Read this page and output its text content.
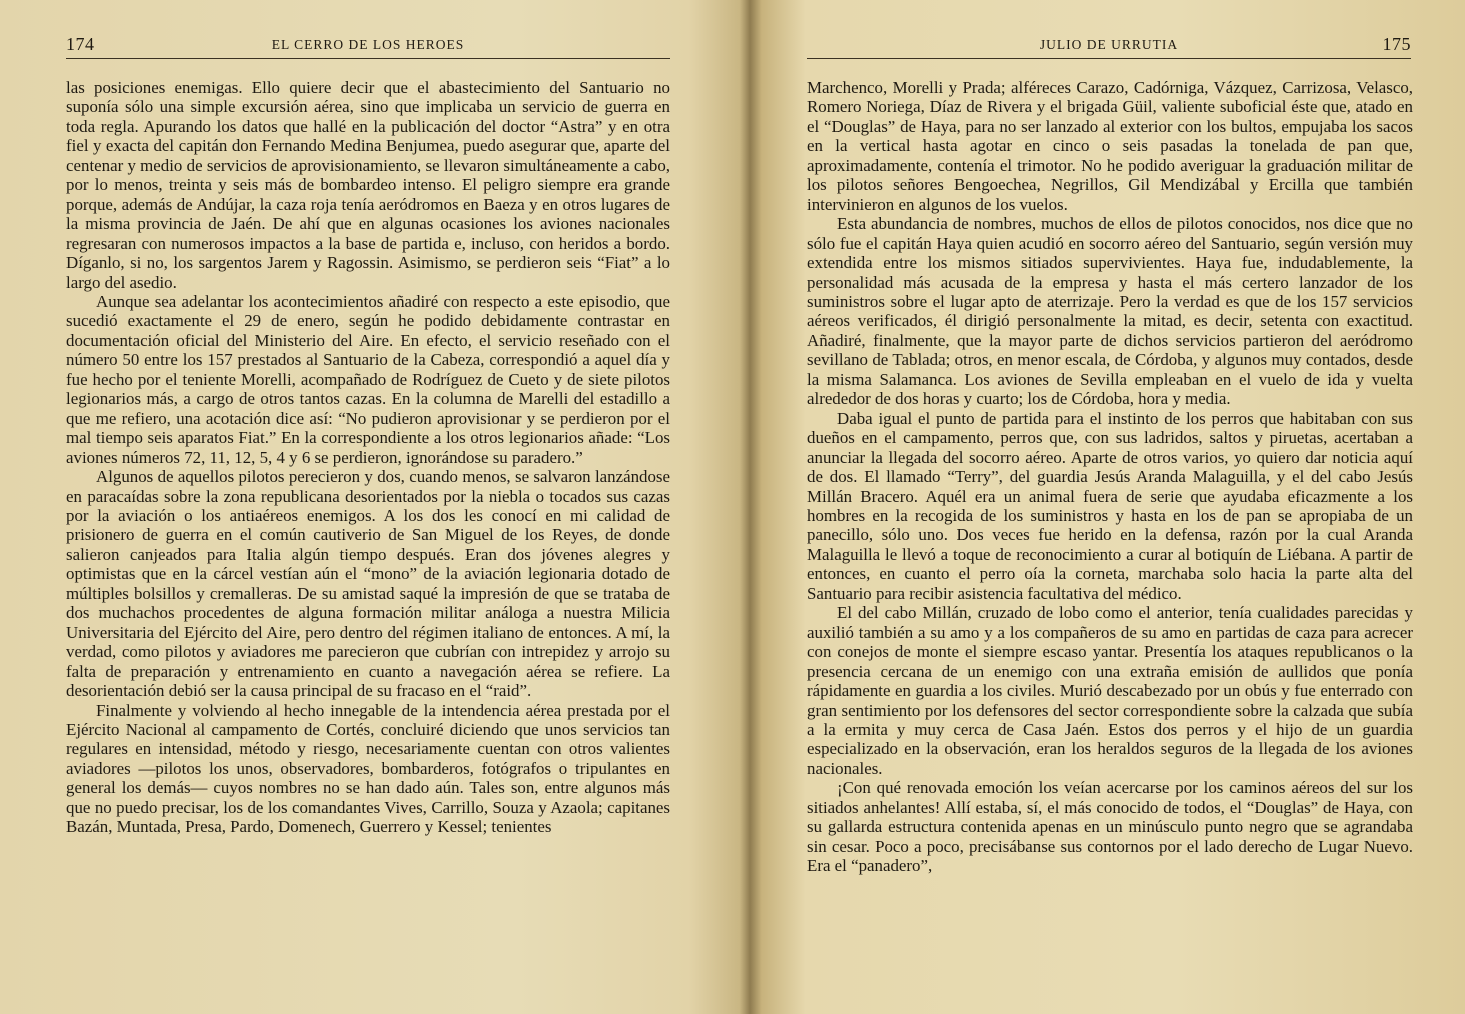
174	EL CERRO DE LOS HEROES

las posiciones enemigas. Ello quiere decir que el abastecimiento del Santuario no suponía sólo una simple excursión aérea, sino que implicaba un servicio de guerra en toda regla. Apurando los datos que hallé en la publicación del doctor “Astra” y en otra fiel y exacta del capitán don Fernando Medina Benjumea, puedo asegurar que, aparte del centenar y medio de servicios de aprovisionamiento, se llevaron simultáneamente a cabo, por lo menos, treinta y seis más de bombardeo intenso. El peligro siempre era grande porque, además de Andújar, la caza roja tenía aeródromos en Baeza y en otros lugares de la misma provincia de Jaén. De ahí que en algunas ocasiones los aviones nacionales regresaran con numerosos impactos a la base de partida e, incluso, con heridos a bordo. Díganlo, si no, los sargentos Jarem y Ragossin. Asimismo, se perdieron seis “Fiat” a lo largo del asedio.

Aunque sea adelantar los acontecimientos añadiré con respecto a este episodio, que sucedió exactamente el 29 de enero, según he podido debidamente contrastar en documentación oficial del Ministerio del Aire. En efecto, el servicio reseñado con el número 50 entre los 157 prestados al Santuario de la Cabeza, correspondió a aquel día y fue hecho por el teniente Morelli, acompañado de Rodríguez de Cueto y de siete pilotos legionarios más, a cargo de otros tantos cazas. En la columna de Marelli del estadillo a que me refiero, una acotación dice así: “No pudieron aprovisionar y se perdieron por el mal tiempo seis aparatos Fiat.” En la correspondiente a los otros legionarios añade: “Los aviones números 72, 11, 12, 5, 4 y 6 se perdieron, ignorándose su paradero.”

Algunos de aquellos pilotos perecieron y dos, cuando menos, se salvaron lanzándose en paracaídas sobre la zona republicana desorientados por la niebla o tocados sus cazas por la aviación o los antiaéreos enemigos. A los dos les conocí en mi calidad de prisionero de guerra en el común cautiverio de San Miguel de los Reyes, de donde salieron canjeados para Italia algún tiempo después. Eran dos jóvenes alegres y optimistas que en la cárcel vestían aún el “mono” de la aviación legionaria dotado de múltiples bolsillos y cremalleras. De su amistad saqué la impresión de que se trataba de dos muchachos procedentes de alguna formación militar análoga a nuestra Milicia Universitaria del Ejército del Aire, pero dentro del régimen italiano de entonces. A mí, la verdad, como pilotos y aviadores me parecieron que cubrían con intrepidez y arrojo su falta de preparación y entrenamiento en cuanto a navegación aérea se refiere. La desorientación debió ser la causa principal de su fracaso en el “raid”.

Finalmente y volviendo al hecho innegable de la intendencia aérea prestada por el Ejército Nacional al campamento de Cortés, concluiré diciendo que unos servicios tan regulares en intensidad, método y riesgo, necesariamente cuentan con otros valientes aviadores —pilotos los unos, observadores, bombarderos, fotógrafos o tripulantes en general los demás— cuyos nombres no se han dado aún. Tales son, entre algunos más que no puedo precisar, los de los comandantes Vives, Carrillo, Souza y Azaola; capitanes Bazán, Muntada, Presa, Pardo, Domenech, Guerrero y Kessel; tenientes

JULIO DE URRUTIA	175

Marchenco, Morelli y Prada; alféreces Carazo, Cadórniga, Vázquez, Carrizosa, Velasco, Romero Noriega, Díaz de Rivera y el brigada Güil, valiente suboficial éste que, atado en el “Douglas” de Haya, para no ser lanzado al exterior con los bultos, empujaba los sacos en la vertical hasta agotar en cinco o seis pasadas la tonelada de pan que, aproximadamente, contenía el trimotor. No he podido averiguar la graduación militar de los pilotos señores Bengoechea, Negrillos, Gil Mendizábal y Ercilla que también intervinieron en algunos de los vuelos.

Esta abundancia de nombres, muchos de ellos de pilotos conocidos, nos dice que no sólo fue el capitán Haya quien acudió en socorro aéreo del Santuario, según versión muy extendida entre los mismos sitiados supervivientes. Haya fue, indudablemente, la personalidad más acusada de la empresa y hasta el más certero lanzador de los suministros sobre el lugar apto de aterrizaje. Pero la verdad es que de los 157 servicios aéreos verificados, él dirigió personalmente la mitad, es decir, setenta con exactitud. Añadiré, finalmente, que la mayor parte de dichos servicios partieron del aeródromo sevillano de Tablada; otros, en menor escala, de Córdoba, y algunos muy contados, desde la misma Salamanca. Los aviones de Sevilla empleaban en el vuelo de ida y vuelta alrededor de dos horas y cuarto; los de Córdoba, hora y media.

Daba igual el punto de partida para el instinto de los perros que habitaban con sus dueños en el campamento, perros que, con sus ladridos, saltos y piruetas, acertaban a anunciar la llegada del socorro aéreo. Aparte de otros varios, yo quiero dar noticia aquí de dos. El llamado “Terry”, del guardia Jesús Aranda Malaguilla, y el del cabo Jesús Millán Bracero. Aquél era un animal fuera de serie que ayudaba eficazmente a los hombres en la recogida de los suministros y hasta en los de pan se apropiaba de un panecillo, sólo uno. Dos veces fue herido en la defensa, razón por la cual Aranda Malaguilla le llevó a toque de reconocimiento a curar al botiquín de Liébana. A partir de entonces, en cuanto el perro oía la corneta, marchaba solo hacia la parte alta del Santuario para recibir asistencia facultativa del médico.

El del cabo Millán, cruzado de lobo como el anterior, tenía cualidades parecidas y auxilió también a su amo y a los compañeros de su amo en partidas de caza para acrecer con conejos de monte el siempre escaso yantar. Presentía los ataques republicanos o la presencia cercana de un enemigo con una extraña emisión de aullidos que ponía rápidamente en guardia a los civiles. Murió descabezado por un obús y fue enterrado con gran sentimiento por los defensores del sector correspondiente sobre la calzada que subía a la ermita y muy cerca de Casa Jaén. Estos dos perros y el hijo de un guardia especializado en la observación, eran los heraldos seguros de la llegada de los aviones nacionales.

¡Con qué renovada emoción los veían acercarse por los caminos aéreos del sur los sitiados anhelantes! Allí estaba, sí, el más conocido de todos, el “Douglas” de Haya, con su gallarda estructura contenida apenas en un minúsculo punto negro que se agrandaba sin cesar. Poco a poco, precisábanse sus contornos por el lado derecho de Lugar Nuevo. Era el “panadero”,
